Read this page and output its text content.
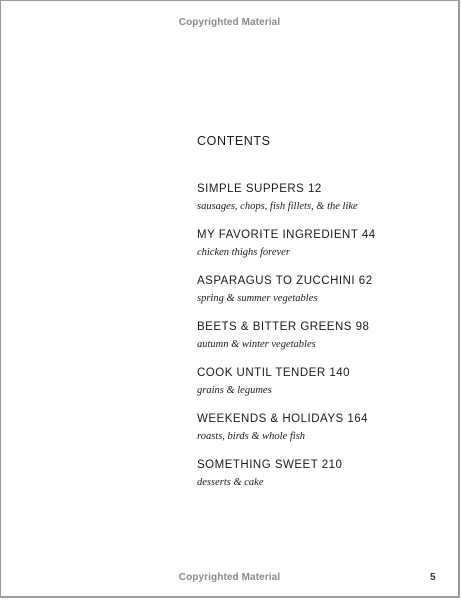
Copyrighted Material
CONTENTS
SIMPLE SUPPERS 12
sausages, chops, fish fillets, & the like
MY FAVORITE INGREDIENT 44
chicken thighs forever
ASPARAGUS TO ZUCCHINI 62
spring & summer vegetables
BEETS & BITTER GREENS 98
autumn & winter vegetables
COOK UNTIL TENDER 140
grains & legumes
WEEKENDS & HOLIDAYS 164
roasts, birds & whole fish
SOMETHING SWEET 210
desserts & cake
Copyrighted Material	5
